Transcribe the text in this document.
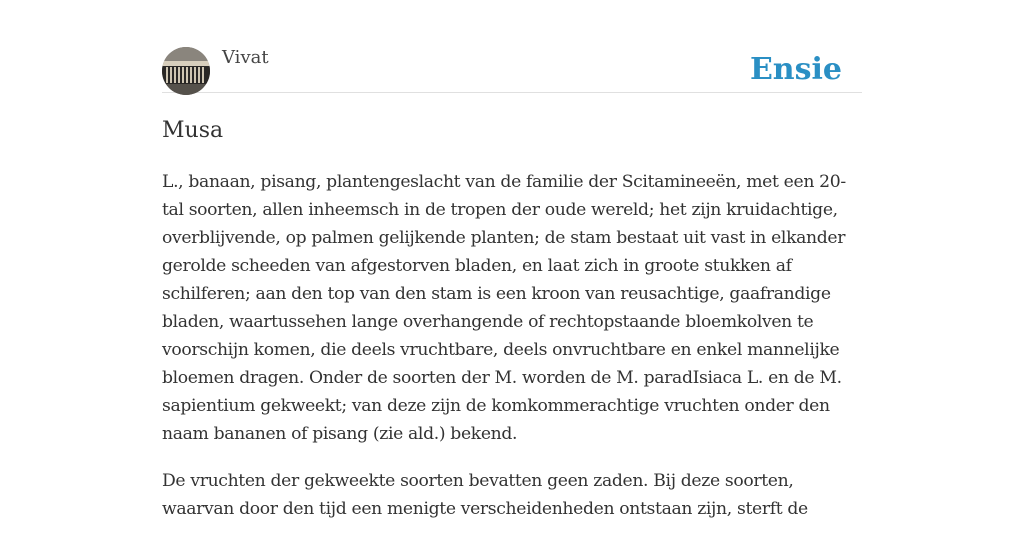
Vivat	Ensie
Musa

L., banaan, pisang, plantengeslacht van de familie der Scitamineeën, met een 20-tal soorten, allen inheemsch in de tropen der oude wereld; het zijn kruidachtige, overblijvende, op palmen gelijkende planten; de stam bestaat uit vast in elkander gerolde scheeden van afgestorven bladen, en laat zich in groote stukken af schilferen; aan den top van den stam is een kroon van reusachtige, gaafrandige bladen, waartussehen lange overhangende of rechtopstaande bloemkolven te voorschijn komen, die deels vruchtbare, deels onvruchtbare en enkel mannelijke bloemen dragen. Onder de soorten der M. worden de M. paradIsiaca L. en de M. sapientium gekweekt; van deze zijn de komkommerachtige vruchten onder den naam bananen of pisang (zie ald.) bekend.

De vruchten der gekweekte soorten bevatten geen zaden. Bij deze soorten, waarvan door den tijd een menigte verscheidenheden ontstaan zijn, sterft de
